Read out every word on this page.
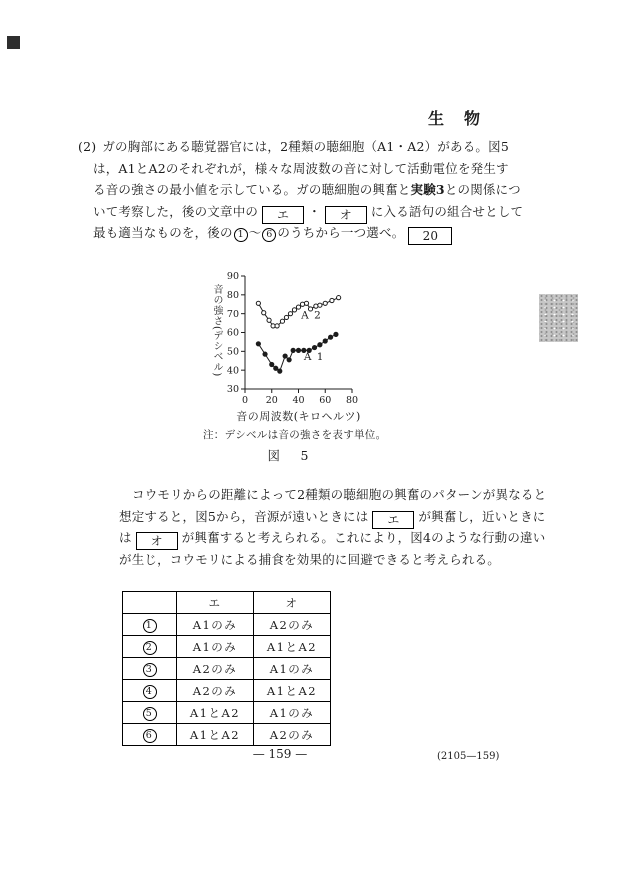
生　物
(2) ガの胸部にある聴覚器官には，2種類の聴細胞（A1・A2）がある。図5
は，A1とA2のそれぞれが，様々な周波数の音に対して活動電位を発生す
る音の強さの最小値を示している。ガの聴細胞の興奮と実験3との関係につ
いて考察した，後の文章中の エ ・ オ に入る語句の組合せとして
最も適当なものを，後の 1 ～ 6 のうちから一つ選べ。 20
音の強さ(デシベル)
90
80
70
60
50
40
30
0 20 40 60 80
A 2
A 1
音の周波数(キロヘルツ)
注：デシベルは音の強さを表す単位。
図　5
コウモリからの距離によって2種類の聴細胞の興奮のパターンが異なると
想定すると，図5から，音源が遠いときには エ が興奮し，近いときに
は オ が興奮すると考えられる。これにより，図4のような行動の違い
が生じ，コウモリによる捕食を効果的に回避できると考えられる。
	エ	オ
1	A1のみ	A2のみ
2	A1のみ	A1とA2
3	A2のみ	A1のみ
4	A2のみ	A1とA2
5	A1とA2	A1のみ
6	A1とA2	A2のみ
— 159 —	(2105—159)
